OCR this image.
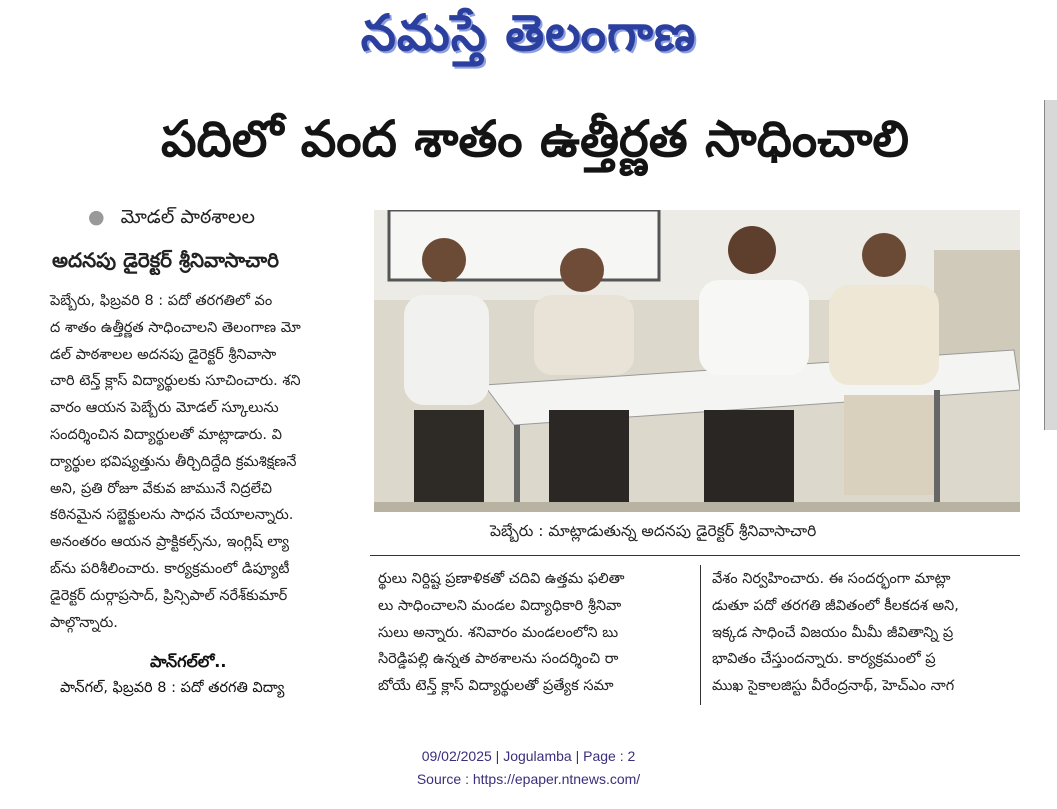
నమస్తే తెలంగాణ
పదిలో వంద శాతం ఉత్తీర్ణత సాధించాలి
● మోడల్ పాఠశాలల
అదనపు డైరెక్టర్ శ్రీనివాసాచారి
పెబ్బేరు, ఫిబ్రవరి 8 : పదో తరగతిలో వం
ద శాతం ఉత్తీర్ణత సాధించాలని తెలంగాణ మో
డల్ పాఠశాలల అదనపు డైరెక్టర్ శ్రీనివాసా
చారి టెన్త్ క్లాస్ విద్యార్థులకు సూచించారు. శని
వారం ఆయన పెబ్బేరు మోడల్ స్కూలును
సందర్శించిన విద్యార్థులతో మాట్లాడారు. వి
ద్యార్థుల భవిష్యత్తును తీర్చిదిద్దేది క్రమశిక్షణనే
అని, ప్రతి రోజూ వేకువ జామునే నిద్రలేచి
కఠినమైన సబ్జెక్టులను సాధన చేయాలన్నారు.
అనంతరం ఆయన ప్రాక్టికల్స్‌ను, ఇంగ్లిష్ ల్యా
బ్‌ను పరిశీలించారు. కార్యక్రమంలో డిప్యూటీ
డైరెక్టర్ దుర్గాప్రసాద్, ప్రిన్సిపాల్ నరేశ్‌కుమార్
పాల్గొన్నారు.
పాన్‌గల్‌లో..
పాన్‌గల్, ఫిబ్రవరి 8 : పదో తరగతి విద్యా
పెబ్బేరు : మాట్లాడుతున్న అదనపు డైరెక్టర్ శ్రీనివాసాచారి
ర్థులు నిర్దిష్ట ప్రణాళికతో చదివి ఉత్తమ ఫలితా
లు సాధించాలని మండల విద్యాధికారి శ్రీనివా
సులు అన్నారు. శనివారం మండలంలోని బు
సిరెడ్డిపల్లి ఉన్నత పాఠశాలను సందర్శించి రా
బోయే టెన్త్ క్లాస్ విద్యార్థులతో ప్రత్యేక సమా
వేశం నిర్వహించారు. ఈ సందర్భంగా మాట్లా
డుతూ పదో తరగతి జీవితంలో కీలకదశ అని,
ఇక్కడ సాధించే విజయం మీమీ జీవితాన్ని ప్ర
భావితం చేస్తుందన్నారు. కార్యక్రమంలో ప్ర
ముఖ సైకాలజిస్టు వీరేంద్రనాథ్, హెచ్‌ఎం నాగ
09/02/2025 | Jogulamba | Page : 2
Source : https://epaper.ntnews.com/
